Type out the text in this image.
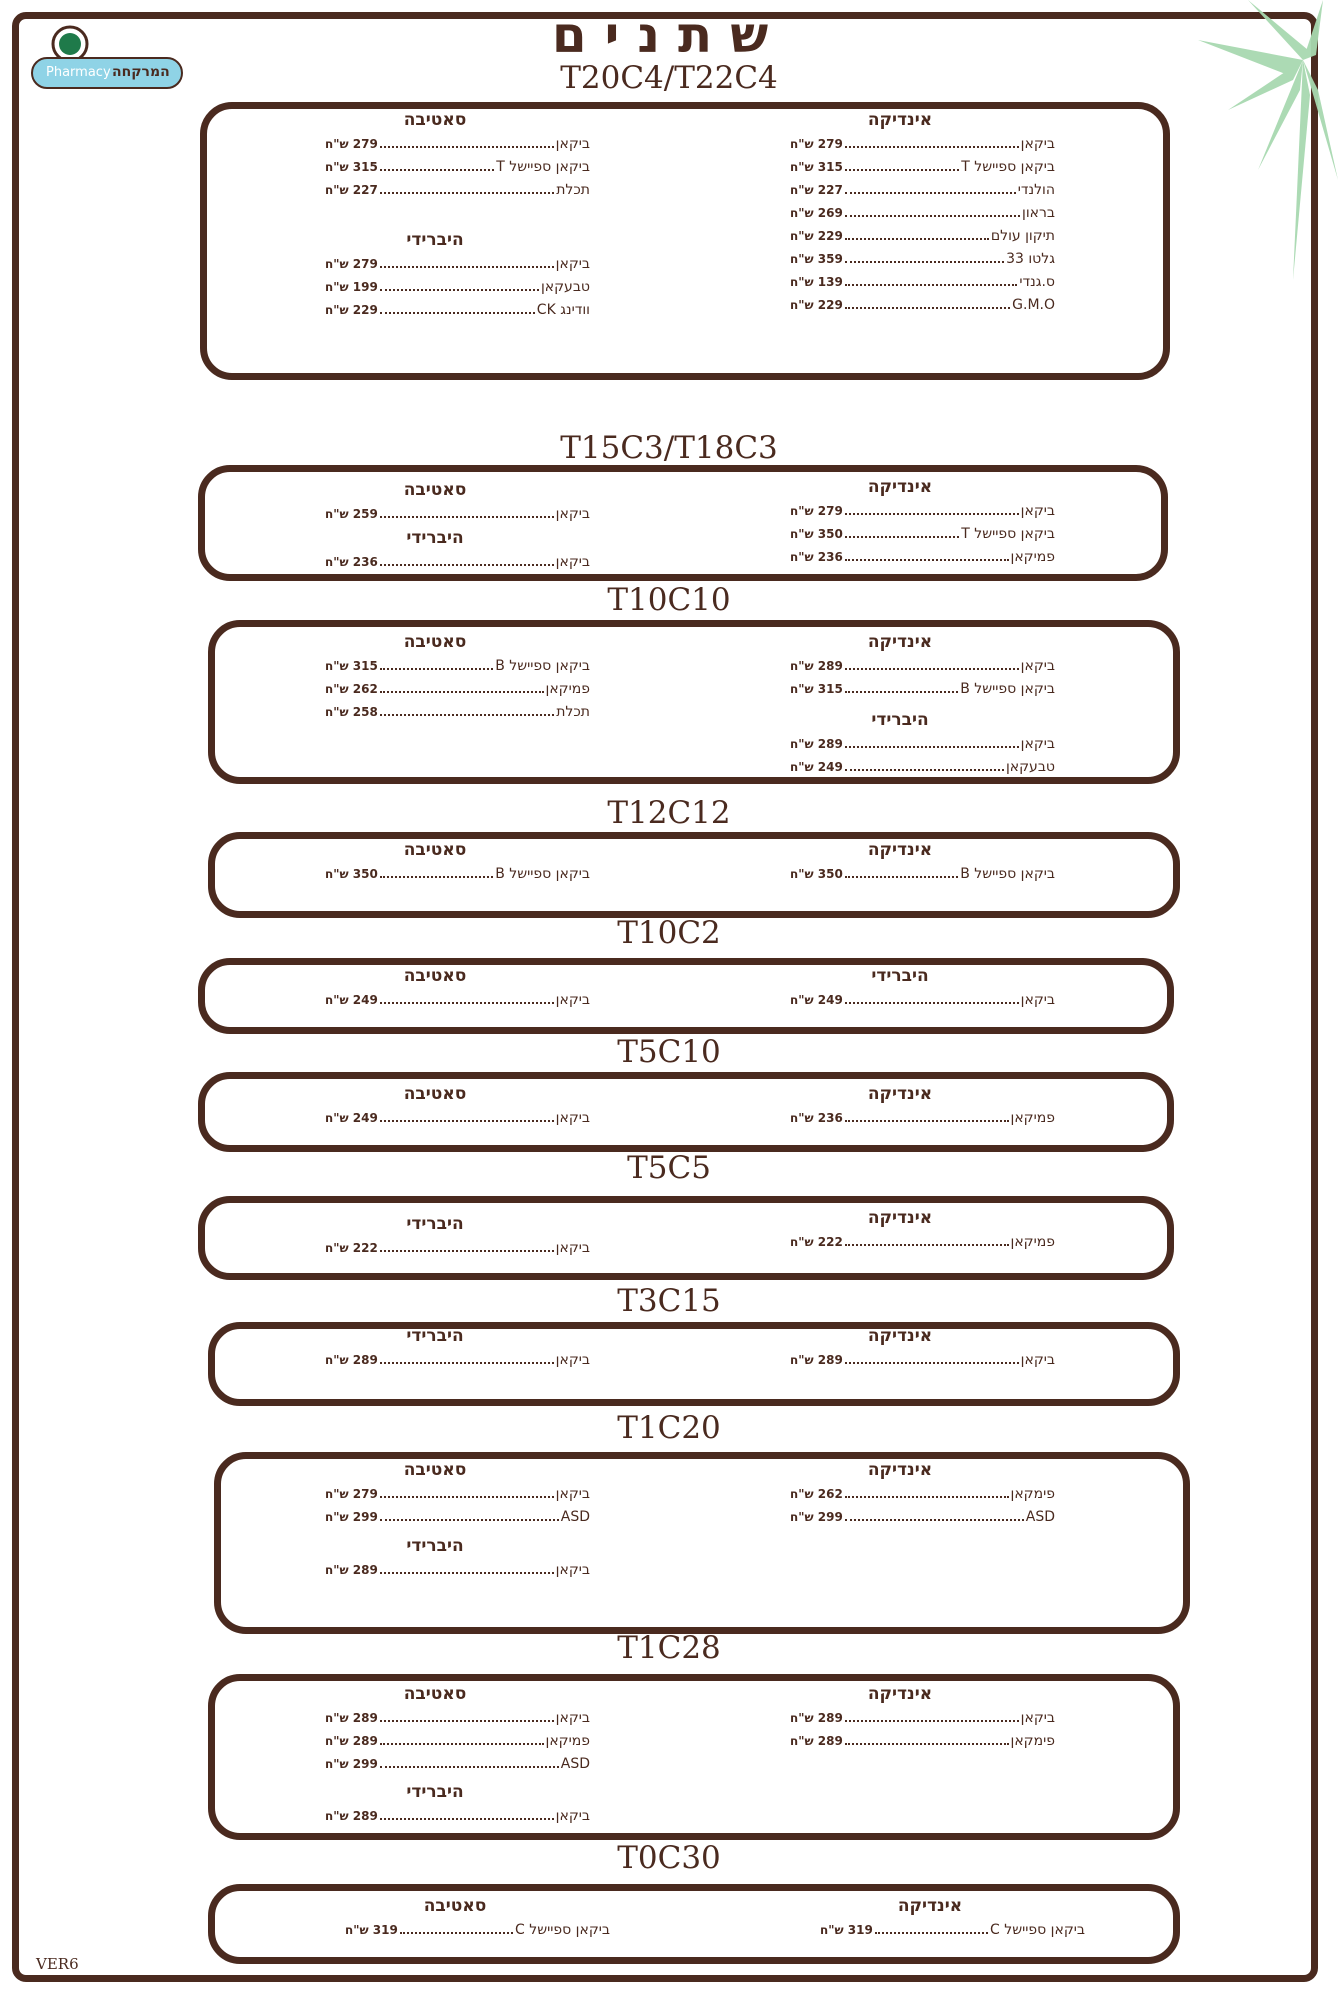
Pharmacy המרקחה
שתנים
T20C4/T22C4
אינדיקה
ביקאן
279 ש"ח
ביקאן ספיישל T
315 ש"ח
הולנדי
227 ש"ח
בראון
269 ש"ח
תיקון עולם
229 ש"ח
גלטו 33
359 ש"ח
ס.גנדי
139 ש"ח
G.M.O
229 ש"ח
סאטיבה
ביקאן
279 ש"ח
ביקאן ספיישל T
315 ש"ח
תכלת
227 ש"ח
היברידי
ביקאן
279 ש"ח
טבעקאן
199 ש"ח
וודינג CK
229 ש"ח
T15C3/T18C3
אינדיקה
ביקאן
279 ש"ח
ביקאן ספיישל T
350 ש"ח
פמיקאן
236 ש"ח
סאטיבה
ביקאן
259 ש"ח
היברידי
ביקאן
236 ש"ח
T10C10
אינדיקה
ביקאן
289 ש"ח
ביקאן ספיישל B
315 ש"ח
היברידי
ביקאן
289 ש"ח
טבעקאן
249 ש"ח
סאטיבה
ביקאן ספיישל B
315 ש"ח
פמיקאן
262 ש"ח
תכלת
258 ש"ח
T12C12
אינדיקה
ביקאן ספיישל B
350 ש"ח
סאטיבה
ביקאן ספיישל B
350 ש"ח
T10C2
היברידי
ביקאן
249 ש"ח
סאטיבה
ביקאן
249 ש"ח
T5C10
אינדיקה
פמיקאן
236 ש"ח
סאטיבה
ביקאן
249 ש"ח
T5C5
אינדיקה
פמיקאן
222 ש"ח
היברידי
ביקאן
222 ש"ח
T3C15
אינדיקה
ביקאן
289 ש"ח
היברידי
ביקאן
289 ש"ח
T1C20
אינדיקה
פימקאן
262 ש"ח
ASD
299 ש"ח
סאטיבה
ביקאן
279 ש"ח
ASD
299 ש"ח
היברידי
ביקאן
289 ש"ח
T1C28
אינדיקה
ביקאן
289 ש"ח
פימקאן
289 ש"ח
סאטיבה
ביקאן
289 ש"ח
פמיקאן
289 ש"ח
ASD
299 ש"ח
היברידי
ביקאן
289 ש"ח
T0C30
אינדיקה
ביקאן ספיישל C
319 ש"ח
סאטיבה
ביקאן ספיישל C
319 ש"ח
VER6
